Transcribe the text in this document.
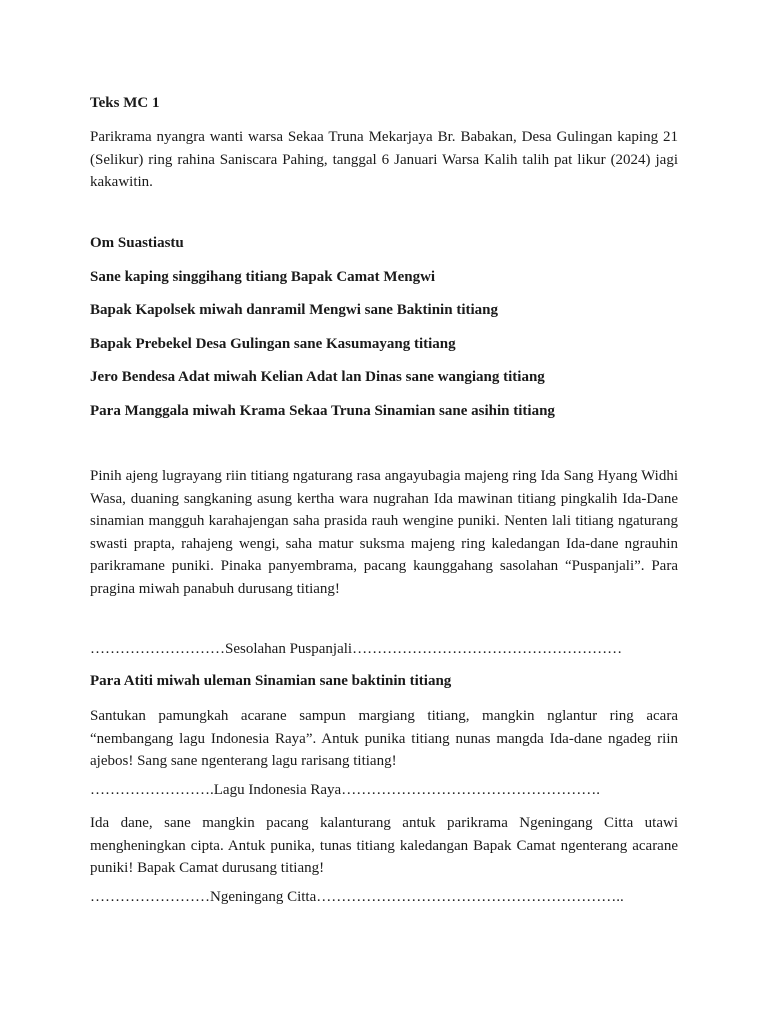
Teks MC 1

Parikrama nyangra wanti warsa Sekaa Truna Mekarjaya Br. Babakan, Desa Gulingan kaping 21 (Selikur) ring rahina Saniscara Pahing, tanggal 6 Januari Warsa Kalih talih pat likur (2024) jagi kakawitin.

Om Suastiastu

Sane kaping singgihang titiang Bapak Camat Mengwi

Bapak Kapolsek miwah danramil Mengwi sane Baktinin titiang

Bapak Prebekel Desa Gulingan sane Kasumayang titiang

Jero Bendesa Adat miwah Kelian Adat lan Dinas sane wangiang titiang

Para Manggala miwah Krama Sekaa Truna Sinamian sane asihin titiang

Pinih ajeng lugrayang riin titiang ngaturang rasa angayubagia majeng ring Ida Sang Hyang Widhi Wasa, duaning sangkaning asung kertha wara nugrahan Ida mawinan titiang pingkalih Ida-Dane sinamian mangguh karahajengan saha prasida rauh wengine puniki. Nenten lali titiang ngaturang swasti prapta, rahajeng wengi, saha matur suksma majeng ring kaledangan Ida-dane ngrauhin parikramane puniki. Pinaka panyembrama, pacang kaunggahang sasolahan “Puspanjali”. Para pragina miwah panabuh durusang titiang!

………………………Sesolahan Puspanjali………………………………………………

Para Atiti miwah uleman Sinamian sane baktinin titiang

Santukan pamungkah acarane sampun margiang titiang, mangkin nglantur ring acara “nembangang lagu Indonesia Raya”. Antuk punika titiang nunas mangda Ida-dane ngadeg riin ajebos! Sang sane ngenterang lagu rarisang titiang!

…………………….Lagu Indonesia Raya…………………………………………….

Ida dane, sane mangkin pacang kalanturang antuk parikrama Ngeningang Citta utawi mengheningkan cipta. Antuk punika, tunas titiang kaledangan Bapak Camat ngenterang acarane puniki! Bapak Camat durusang titiang!

……………………Ngeningang Citta……………………………………………………..
